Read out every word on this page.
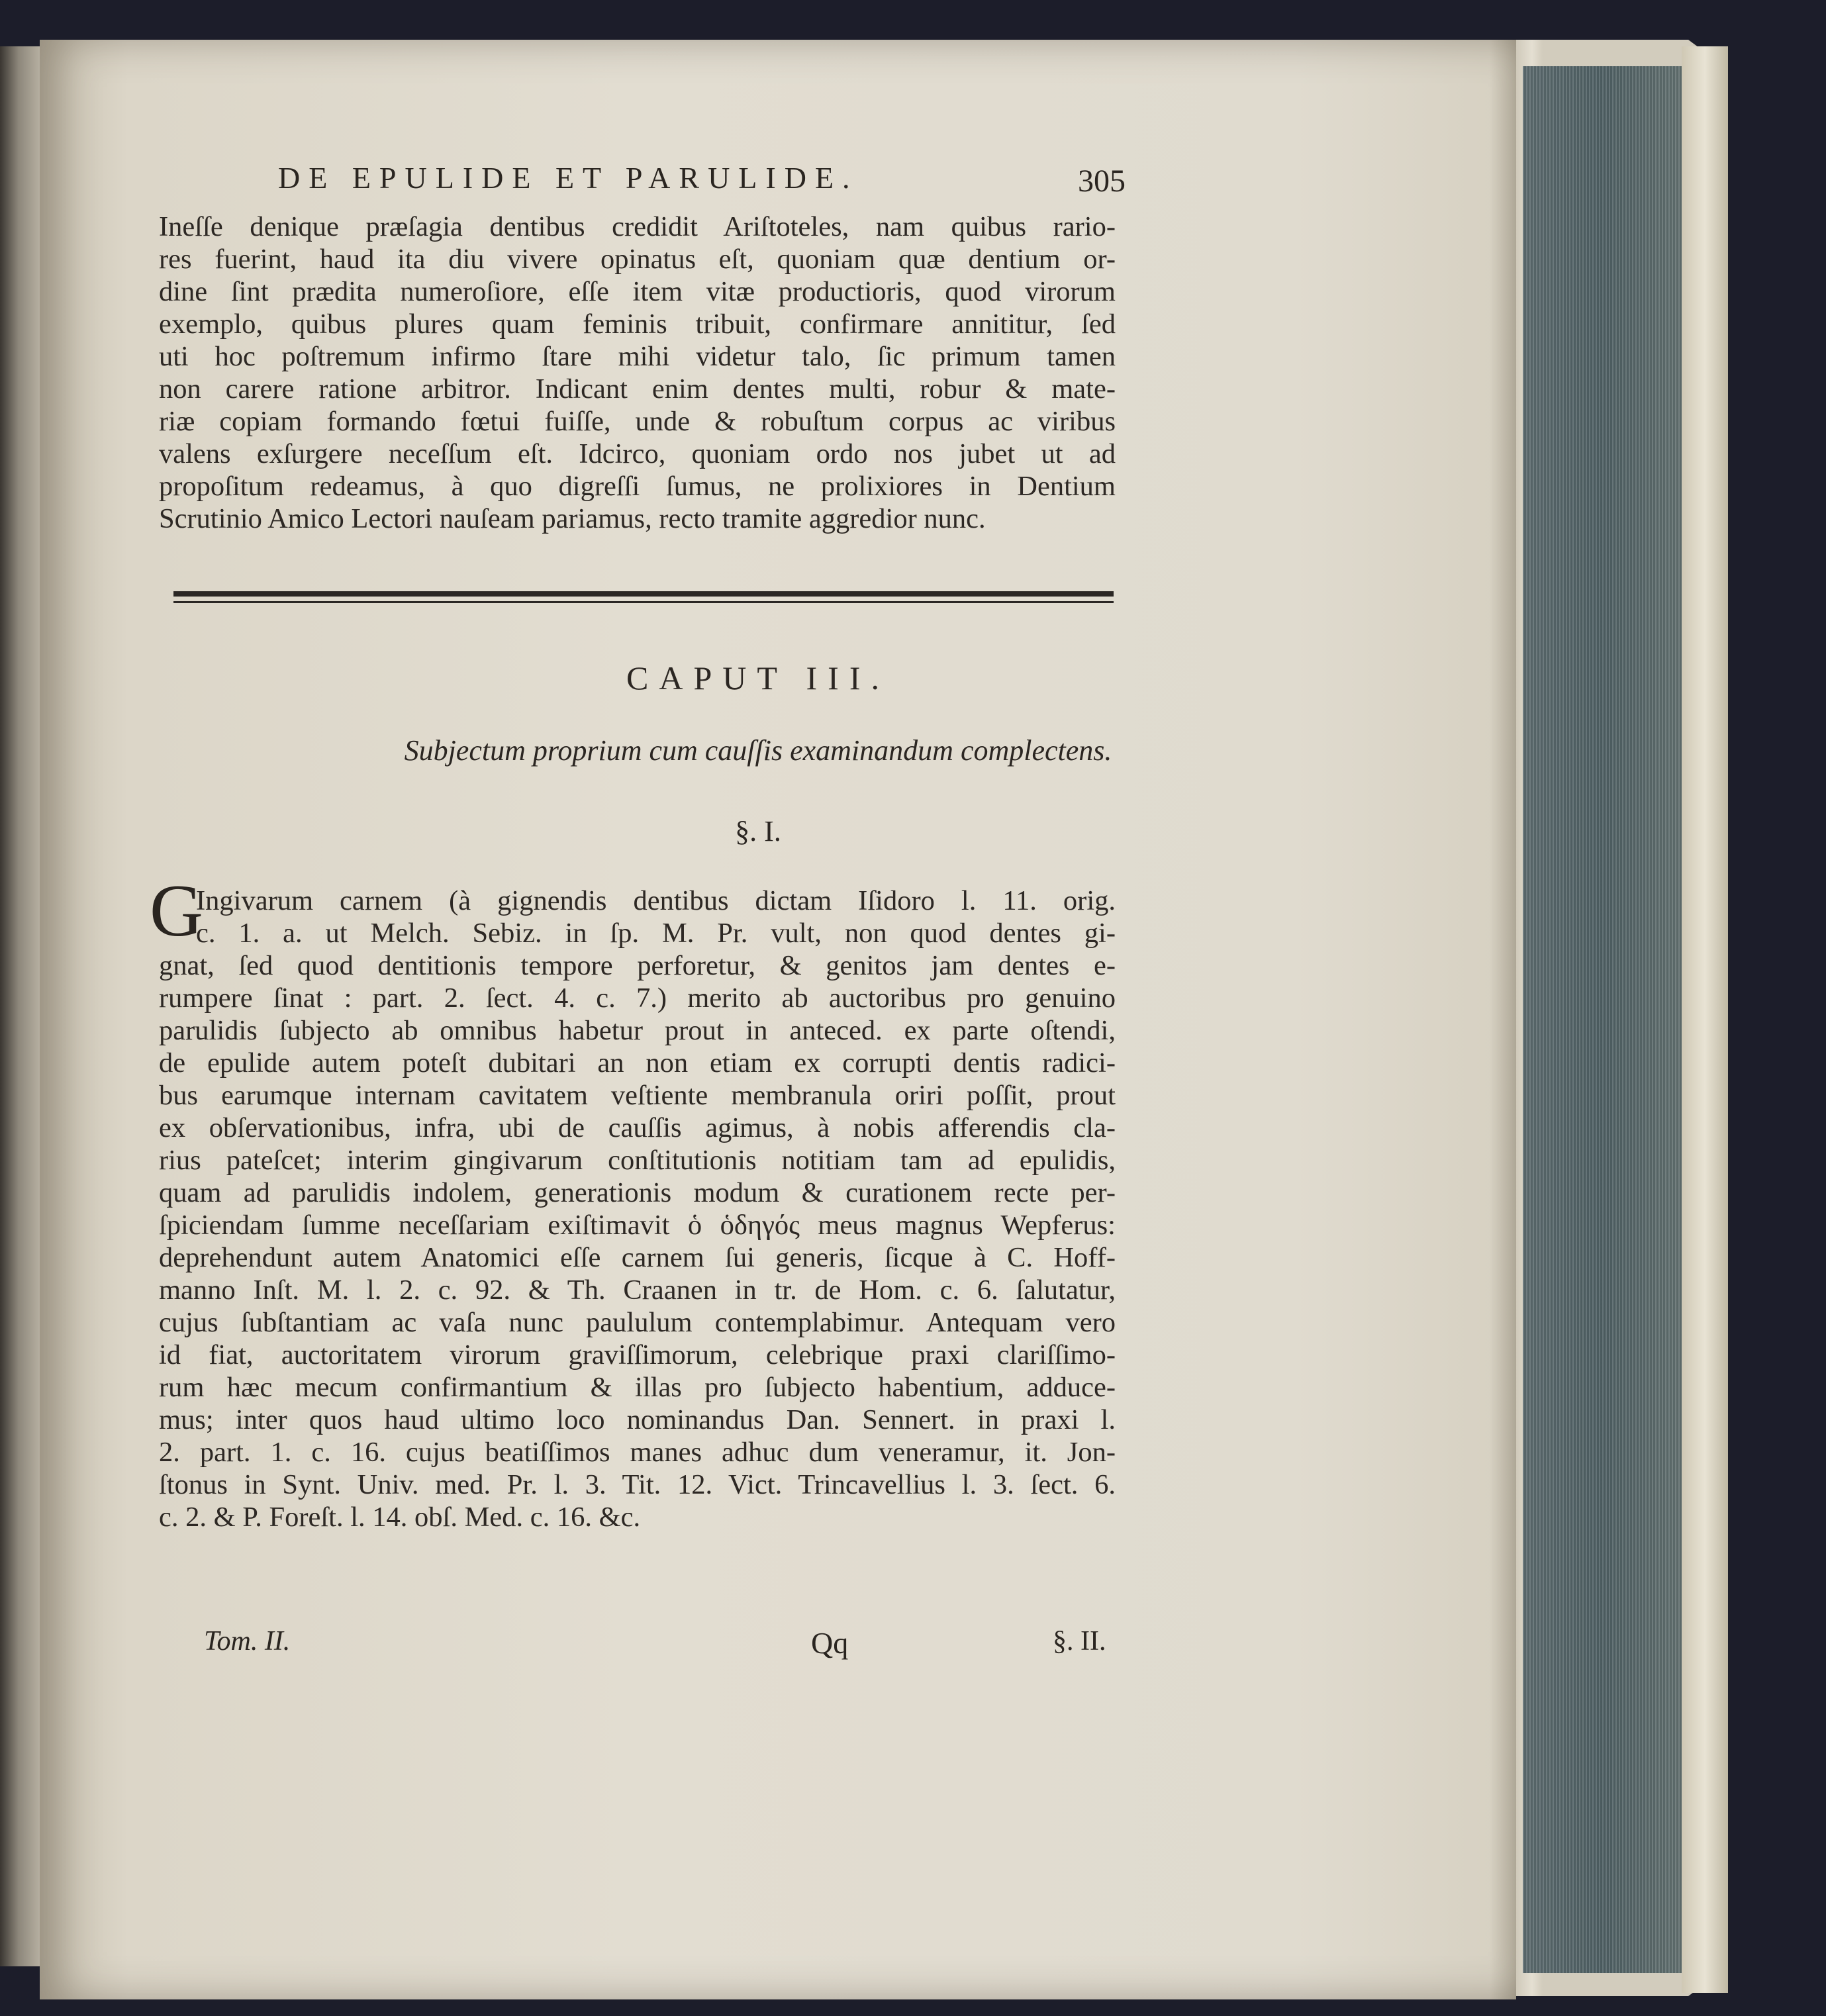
DE EPULIDE ET PARULIDE.	305
Ineſſe denique præſagia dentibus credidit Ariſtoteles, nam quibus rario-
res fuerint, haud ita diu vivere opinatus eſt, quoniam quæ dentium or-
dine ſint prædita numeroſiore, eſſe item vitæ productioris, quod virorum
exemplo, quibus plures quam feminis tribuit, confirmare annititur, ſed
uti hoc poſtremum infirmo ſtare mihi videtur talo, ſic primum tamen
non carere ratione arbitror. Indicant enim dentes multi, robur & mate-
riæ copiam formando fœtui fuiſſe, unde & robuſtum corpus ac viribus
valens exſurgere neceſſum eſt. Idcirco, quoniam ordo nos jubet ut ad
propoſitum redeamus, à quo digreſſi ſumus, ne prolixiores in Dentium
Scrutinio Amico Lectori nauſeam pariamus, recto tramite aggredior nunc.
CAPUT III.
Subjectum proprium cum cauſſis examinandum complectens.
§. I.
G
Ingivarum carnem (à gignendis dentibus dictam Iſidoro l. 11. orig.
c. 1. a. ut Melch. Sebiz. in ſp. M. Pr. vult, non quod dentes gi-
gnat, ſed quod dentitionis tempore perforetur, & genitos jam dentes e-
rumpere ſinat : part. 2. ſect. 4. c. 7.) merito ab auctoribus pro genuino
parulidis ſubjecto ab omnibus habetur prout in anteced. ex parte oſtendi,
de epulide autem poteſt dubitari an non etiam ex corrupti dentis radici-
bus earumque internam cavitatem veſtiente membranula oriri poſſit, prout
ex obſervationibus, infra, ubi de cauſſis agimus, à nobis afferendis cla-
rius pateſcet; interim gingivarum conſtitutionis notitiam tam ad epulidis,
quam ad parulidis indolem, generationis modum & curationem recte per-
ſpiciendam ſumme neceſſariam exiſtimavit ὁ ὁδηγός meus magnus Wepferus:
deprehendunt autem Anatomici eſſe carnem ſui generis, ſicque à C. Hoff-
manno Inſt. M. l. 2. c. 92. & Th. Craanen in tr. de Hom. c. 6. ſalutatur,
cujus ſubſtantiam ac vaſa nunc paululum contemplabimur. Antequam vero
id fiat, auctoritatem virorum graviſſimorum, celebrique praxi clariſſimo-
rum hæc mecum confirmantium & illas pro ſubjecto habentium, adduce-
mus; inter quos haud ultimo loco nominandus Dan. Sennert. in praxi l.
2. part. 1. c. 16. cujus beatiſſimos manes adhuc dum veneramur, it. Jon-
ſtonus in Synt. Univ. med. Pr. l. 3. Tit. 12. Vict. Trincavellius l. 3. ſect. 6.
c. 2. & P. Foreſt. l. 14. obſ. Med. c. 16. &c.
Tom. II.	Qq	§. II.
